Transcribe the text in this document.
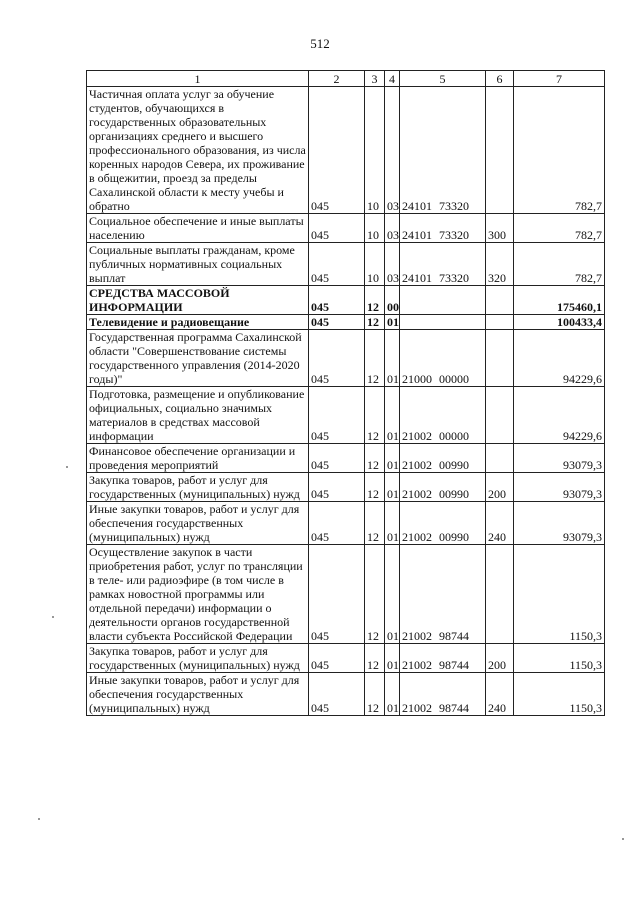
512
1	2	3	4	5	6	7
Частичная оплата услуг за обучение студентов, обучающихся в государственных образовательных организациях среднего и высшего профессионального образования, из числа коренных народов Севера, их проживание в общежитии, проезд за пределы Сахалинской области к месту учебы и обратно	045	10	03	24101 73320		782,7
Социальное обеспечение и иные выплаты населению	045	10	03	24101 73320	300	782,7
Социальные выплаты гражданам, кроме публичных нормативных социальных выплат	045	10	03	24101 73320	320	782,7
СРЕДСТВА МАССОВОЙ ИНФОРМАЦИИ	045	12	00			175460,1
Телевидение и радиовещание	045	12	01			100433,4
Государственная программа Сахалинской области "Совершенствование системы государственного управления (2014-2020 годы)"	045	12	01	21000 00000		94229,6
Подготовка, размещение и опубликование официальных, социально значимых материалов в средствах массовой информации	045	12	01	21002 00000		94229,6
Финансовое обеспечение организации и проведения мероприятий	045	12	01	21002 00990		93079,3
Закупка товаров, работ и услуг для государственных (муниципальных) нужд	045	12	01	21002 00990	200	93079,3
Иные закупки товаров, работ и услуг для обеспечения государственных (муниципальных) нужд	045	12	01	21002 00990	240	93079,3
Осуществление закупок в части приобретения работ, услуг по трансляции в теле- или радиоэфире (в том числе в рамках новостной программы или отдельной передачи) информации о деятельности органов государственной власти субъекта Российской Федерации	045	12	01	21002 98744		1150,3
Закупка товаров, работ и услуг для государственных (муниципальных) нужд	045	12	01	21002 98744	200	1150,3
Иные закупки товаров, работ и услуг для обеспечения государственных (муниципальных) нужд	045	12	01	21002 98744	240	1150,3
